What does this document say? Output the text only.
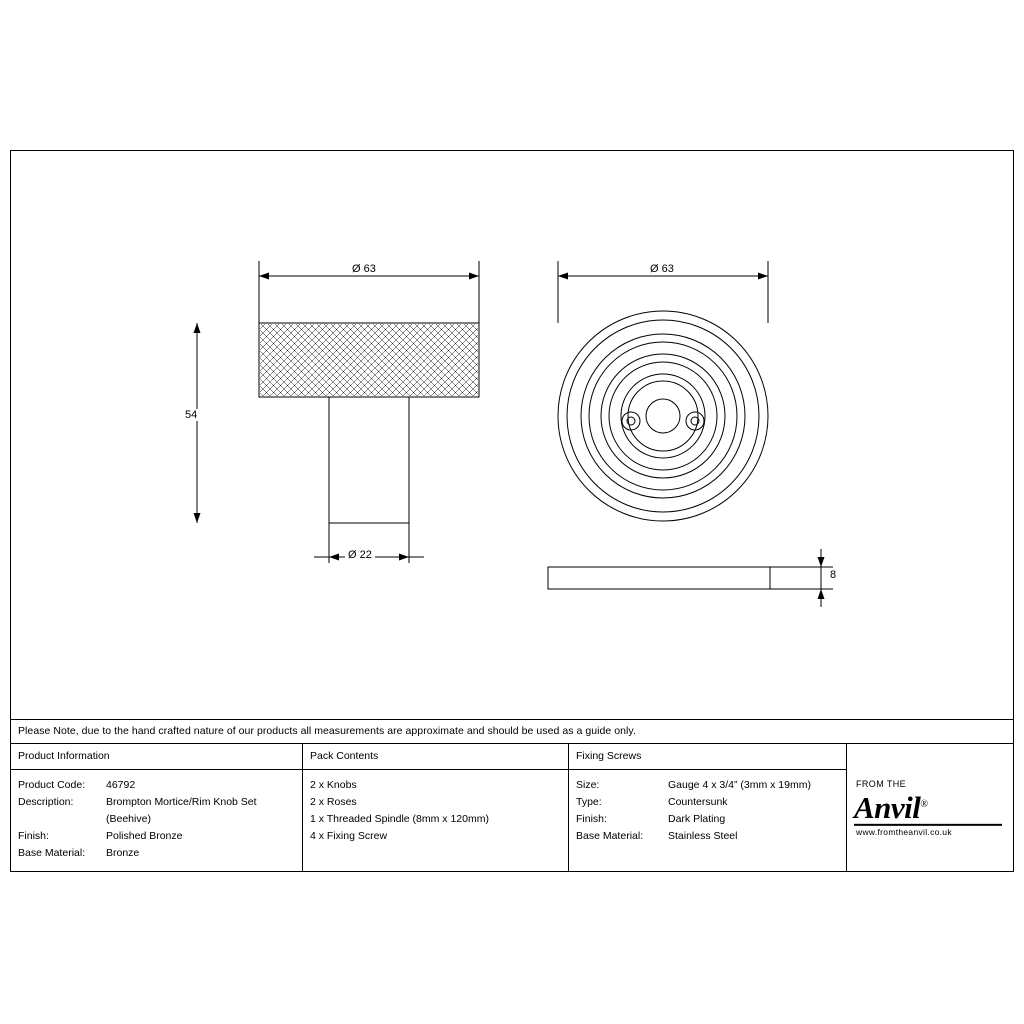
Ø 63	Ø 63
54
Ø 22
8
Please Note, due to the hand crafted nature of our products all measurements are approximate and should be used as a guide only.
Product Information
Product Code:	46792
Description:	Brompton Mortice/Rim Knob Set
(Beehive)
Finish:	Polished Bronze
Base Material:	Bronze
Pack Contents
2 x Knobs
2 x Roses
1 x Threaded Spindle (8mm x 120mm)
4 x Fixing Screw
Fixing Screws
Size:	Gauge 4 x 3/4” (3mm x 19mm)
Type:	Countersunk
Finish:	Dark Plating
Base Material:	Stainless Steel
FROM THE
Anvil®
www.fromtheanvil.co.uk
